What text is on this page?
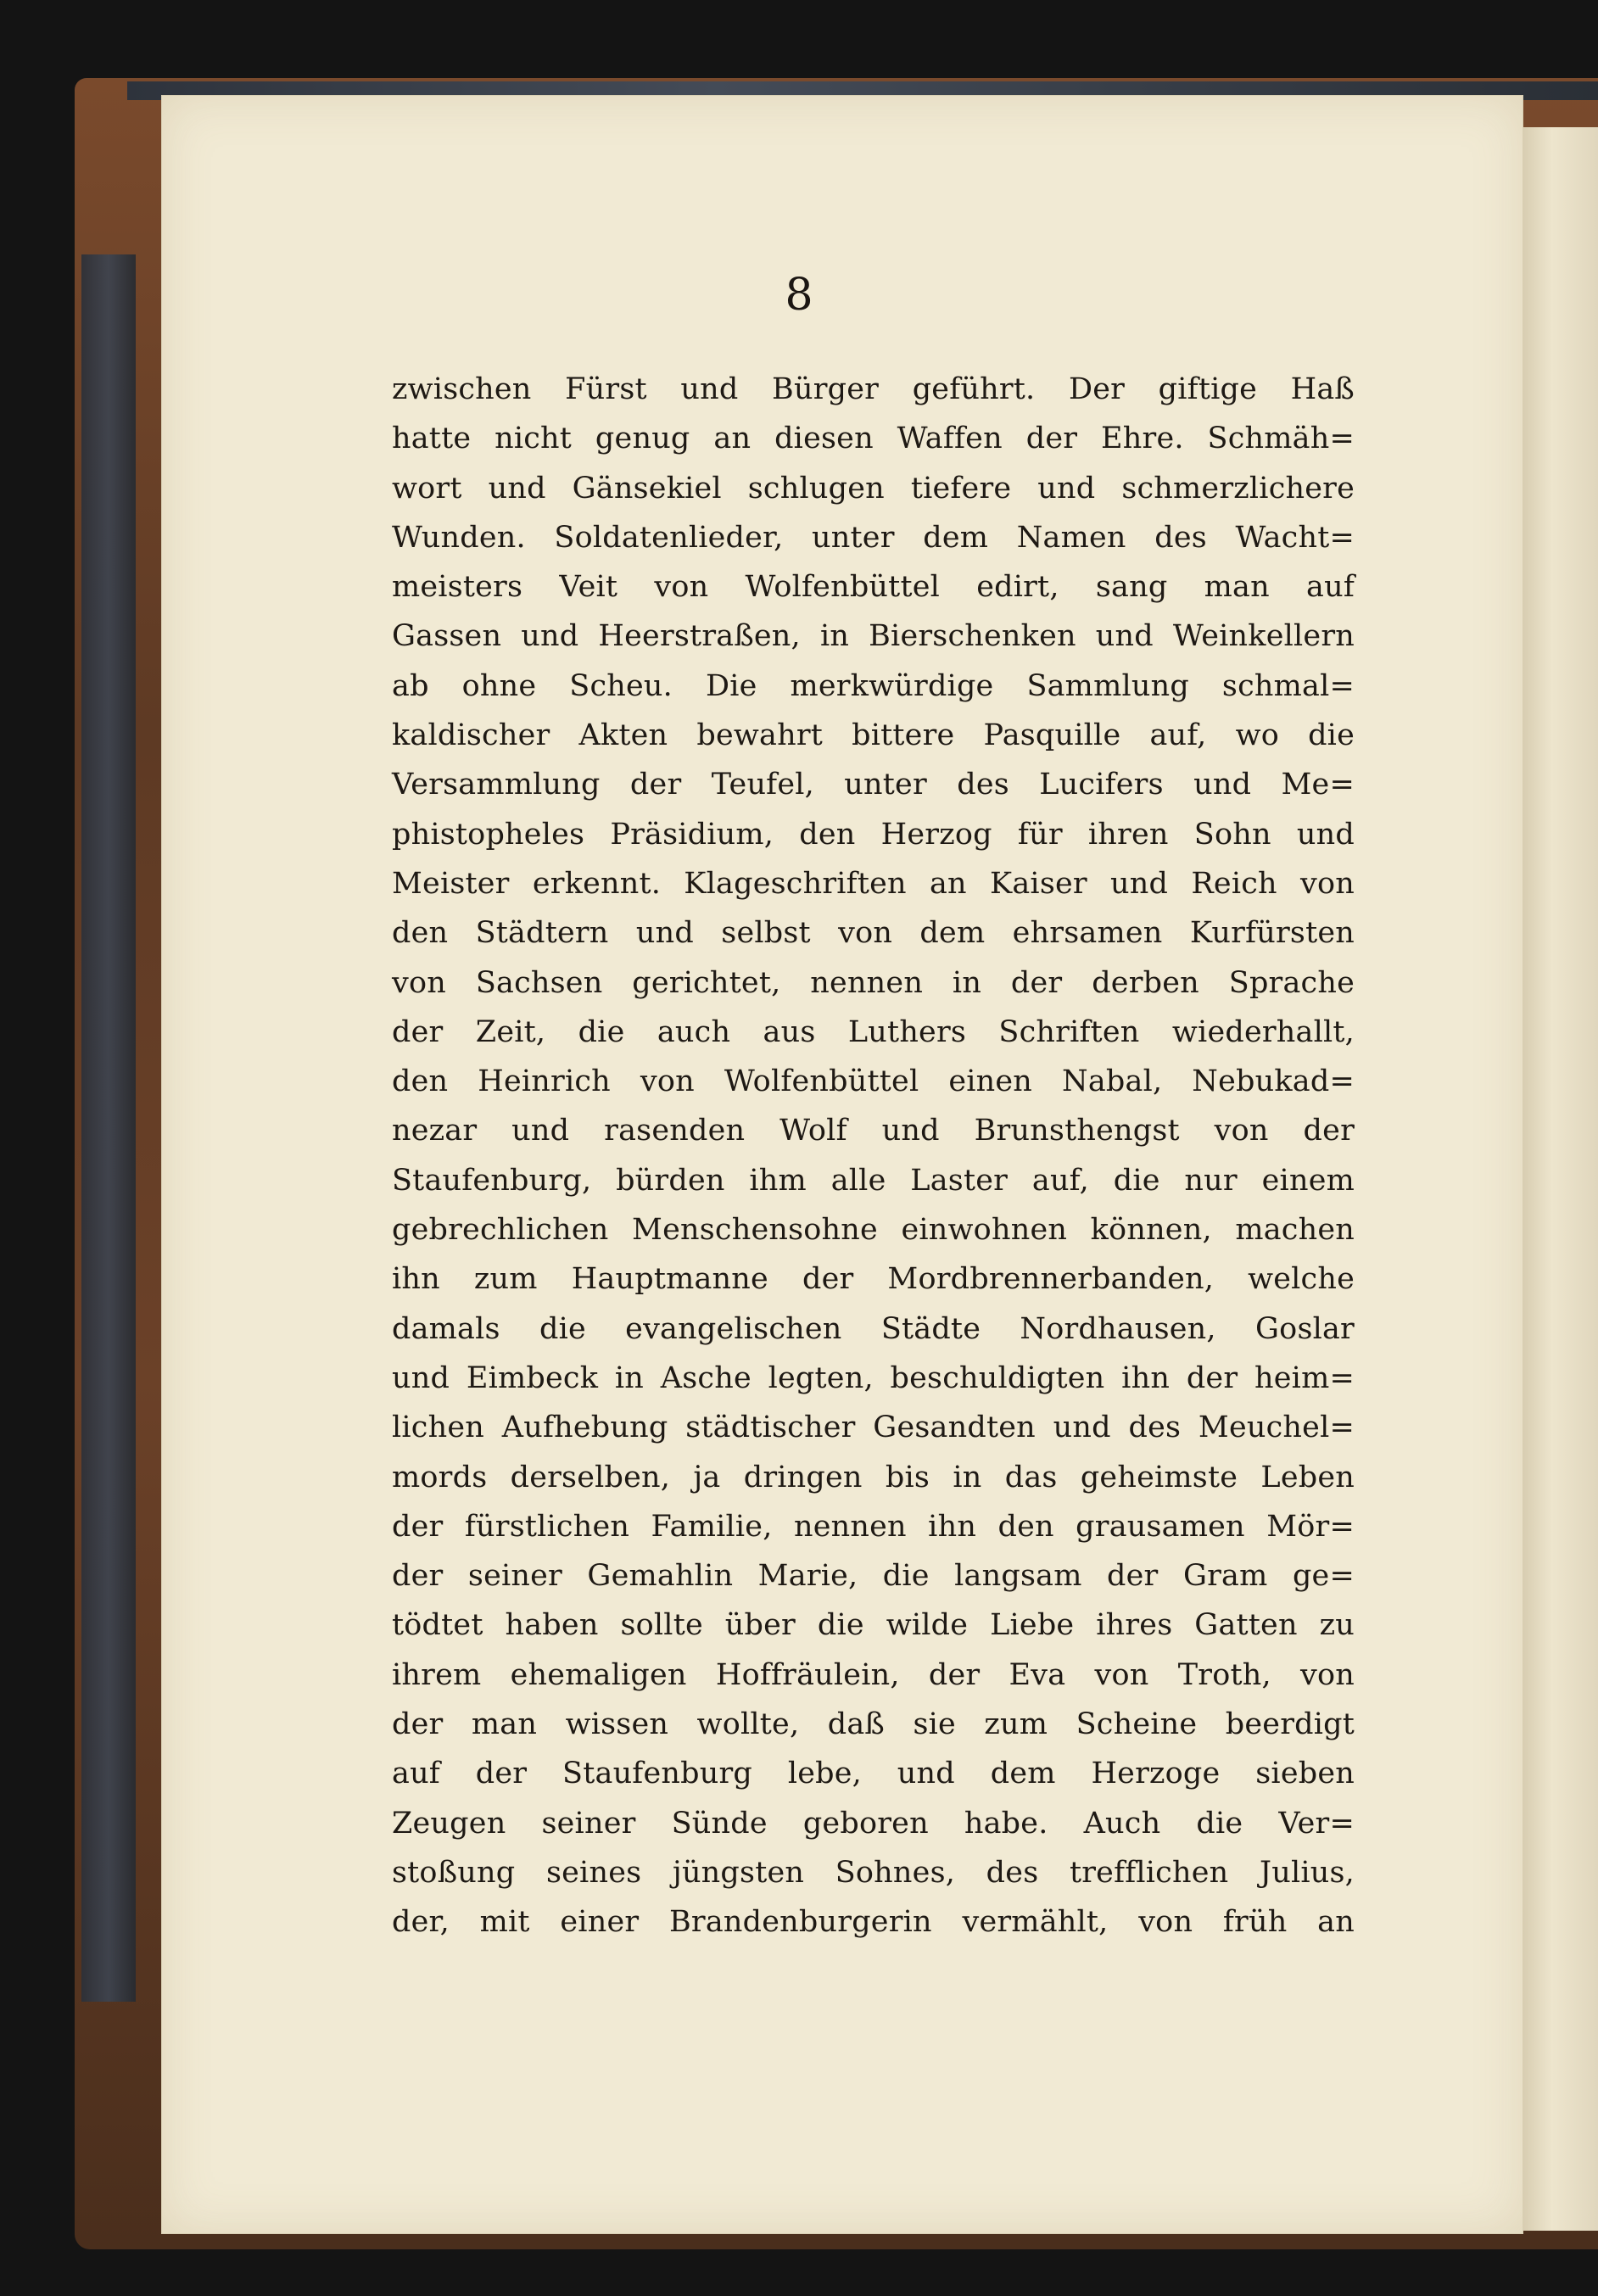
8
zwischen Fürst und Bürger geführt. Der giftige Haß
hatte nicht genug an diesen Waffen der Ehre. Schmäh=
wort und Gänsekiel schlugen tiefere und schmerzlichere
Wunden. Soldatenlieder, unter dem Namen des Wacht=
meisters Veit von Wolfenbüttel edirt, sang man auf
Gassen und Heerstraßen, in Bierschenken und Weinkellern
ab ohne Scheu. Die merkwürdige Sammlung schmal=
kaldischer Akten bewahrt bittere Pasquille auf, wo die
Versammlung der Teufel, unter des Lucifers und Me=
phistopheles Präsidium, den Herzog für ihren Sohn und
Meister erkennt. Klageschriften an Kaiser und Reich von
den Städtern und selbst von dem ehrsamen Kurfürsten
von Sachsen gerichtet, nennen in der derben Sprache
der Zeit, die auch aus Luthers Schriften wiederhallt,
den Heinrich von Wolfenbüttel einen Nabal, Nebukad=
nezar und rasenden Wolf und Brunsthengst von der
Staufenburg, bürden ihm alle Laster auf, die nur einem
gebrechlichen Menschensohne einwohnen können, machen
ihn zum Hauptmanne der Mordbrennerbanden, welche
damals die evangelischen Städte Nordhausen, Goslar
und Eimbeck in Asche legten, beschuldigten ihn der heim=
lichen Aufhebung städtischer Gesandten und des Meuchel=
mords derselben, ja dringen bis in das geheimste Leben
der fürstlichen Familie, nennen ihn den grausamen Mör=
der seiner Gemahlin Marie, die langsam der Gram ge=
tödtet haben sollte über die wilde Liebe ihres Gatten zu
ihrem ehemaligen Hoffräulein, der Eva von Troth, von
der man wissen wollte, daß sie zum Scheine beerdigt
auf der Staufenburg lebe, und dem Herzoge sieben
Zeugen seiner Sünde geboren habe. Auch die Ver=
stoßung seines jüngsten Sohnes, des trefflichen Julius,
der, mit einer Brandenburgerin vermählt, von früh an
